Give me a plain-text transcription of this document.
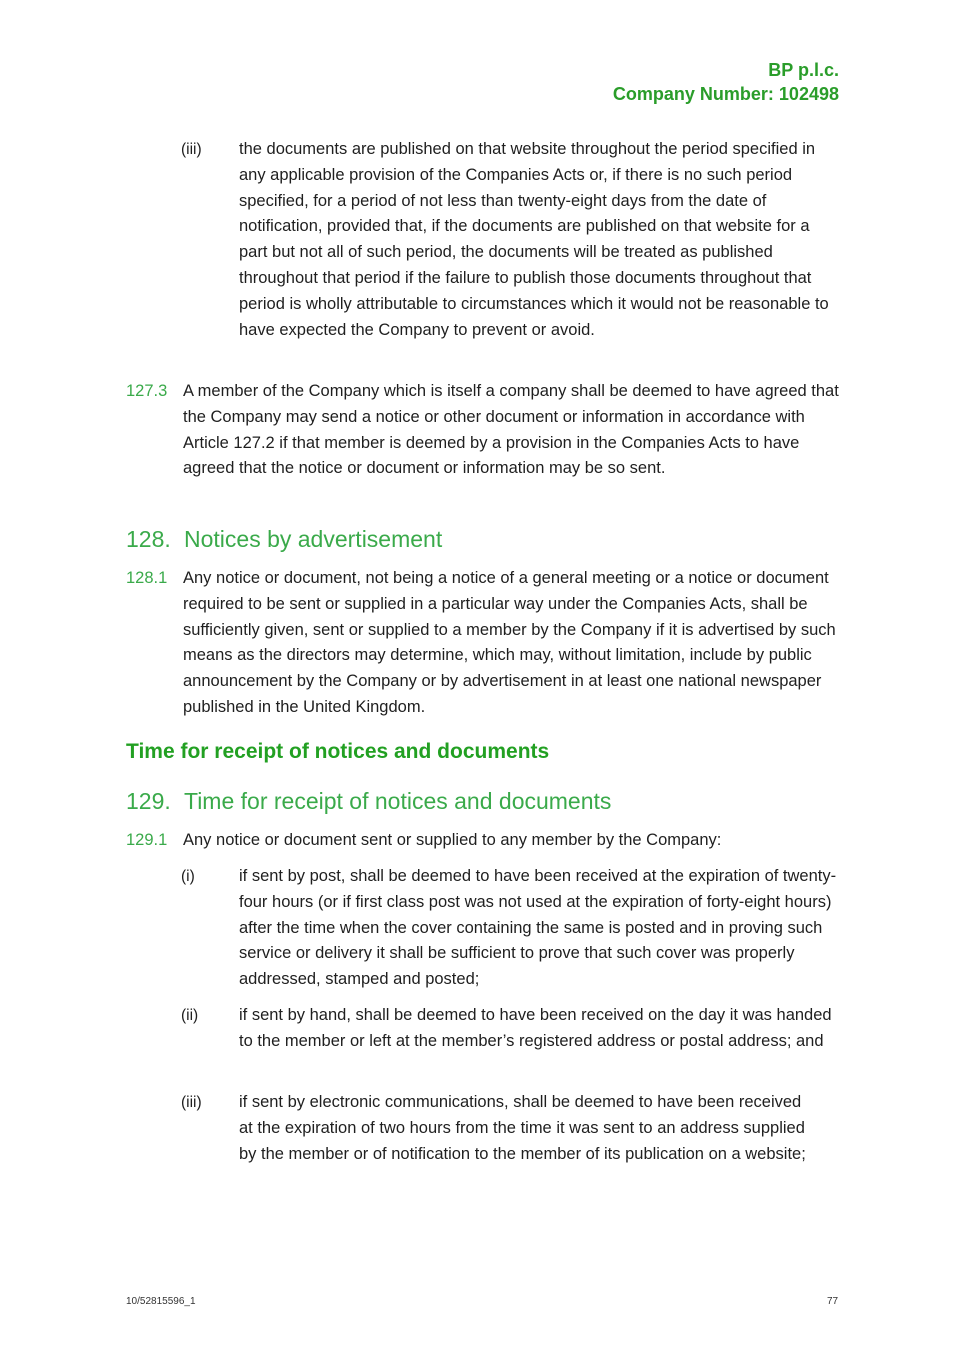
BP p.l.c.
Company Number: 102498
(iii) the documents are published on that website throughout the period specified in any applicable provision of the Companies Acts or, if there is no such period specified, for a period of not less than twenty-eight days from the date of notification, provided that, if the documents are published on that website for a part but not all of such period, the documents will be treated as published throughout that period if the failure to publish those documents throughout that period is wholly attributable to circumstances which it would not be reasonable to have expected the Company to prevent or avoid.
127.3 A member of the Company which is itself a company shall be deemed to have agreed that the Company may send a notice or other document or information in accordance with Article 127.2 if that member is deemed by a provision in the Companies Acts to have agreed that the notice or document or information may be so sent.
128. Notices by advertisement
128.1 Any notice or document, not being a notice of a general meeting or a notice or document required to be sent or supplied in a particular way under the Companies Acts, shall be sufficiently given, sent or supplied to a member by the Company if it is advertised by such means as the directors may determine, which may, without limitation, include by public announcement by the Company or by advertisement in at least one national newspaper published in the United Kingdom.
Time for receipt of notices and documents
129. Time for receipt of notices and documents
129.1 Any notice or document sent or supplied to any member by the Company:
(i)	if sent by post, shall be deemed to have been received at the expiration of twenty-four hours (or if first class post was not used at the expiration of forty-eight hours) after the time when the cover containing the same is posted and in proving such service or delivery it shall be sufficient to prove that such cover was properly addressed, stamped and posted;
(ii) if sent by hand, shall be deemed to have been received on the day it was handed to the member or left at the member’s registered address or postal address; and
(iii) if sent by electronic communications, shall be deemed to have been received at the expiration of two hours from the time it was sent to an address supplied by the member or of notification to the member of its publication on a website;
10/52815596_1	77
